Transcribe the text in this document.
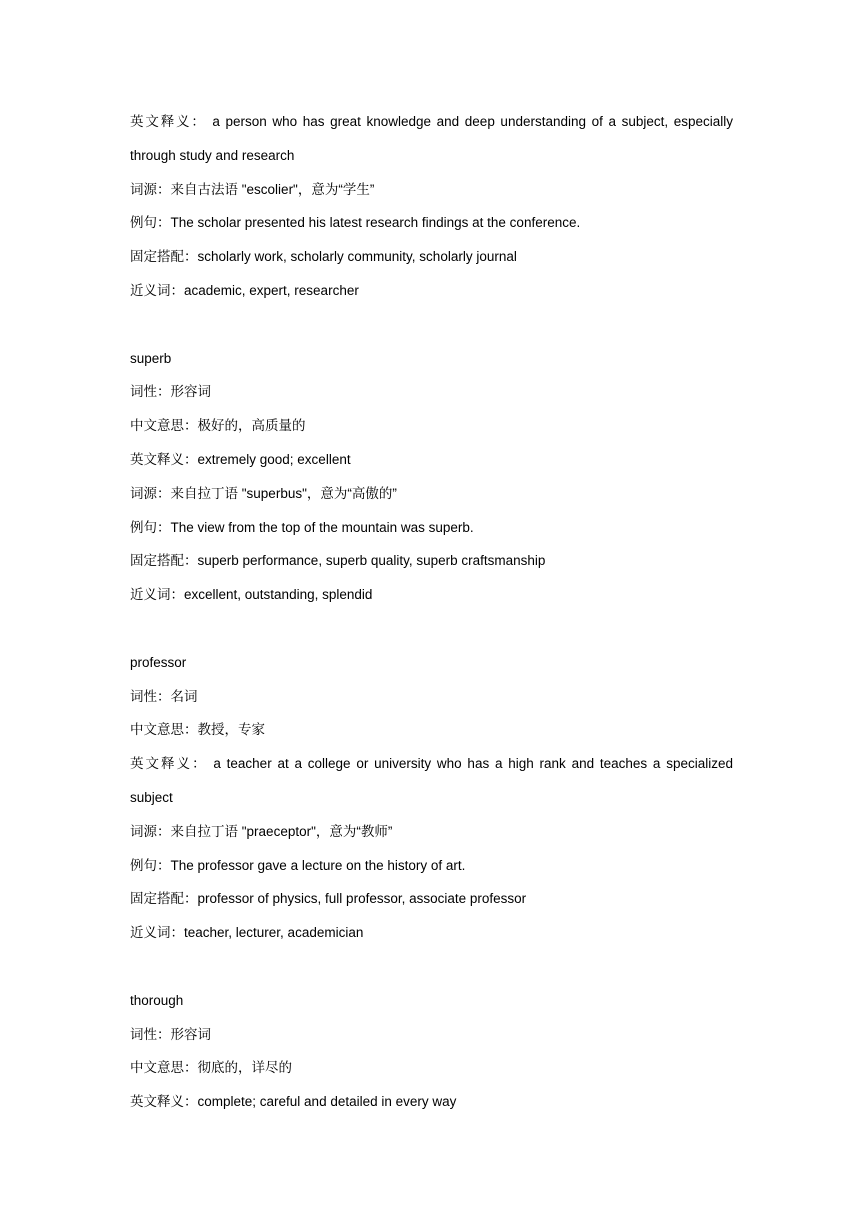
英文释义： a person who has great knowledge and deep understanding of a subject, especially through study and research
词源：来自古法语 "escolier"，意为“学生”
例句：The scholar presented his latest research findings at the conference.
固定搭配：scholarly work, scholarly community, scholarly journal
近义词：academic, expert, researcher
superb
词性：形容词
中文意思：极好的，高质量的
英文释义：extremely good; excellent
词源：来自拉丁语 "superbus"，意为“高傲的”
例句：The view from the top of the mountain was superb.
固定搭配：superb performance, superb quality, superb craftsmanship
近义词：excellent, outstanding, splendid
professor
词性：名词
中文意思：教授，专家
英文释义： a teacher at a college or university who has a high rank and teaches a specialized subject
词源：来自拉丁语 "praeceptor"，意为“教师”
例句：The professor gave a lecture on the history of art.
固定搭配：professor of physics, full professor, associate professor
近义词：teacher, lecturer, academician
thorough
词性：形容词
中文意思：彻底的，详尽的
英文释义：complete; careful and detailed in every way
